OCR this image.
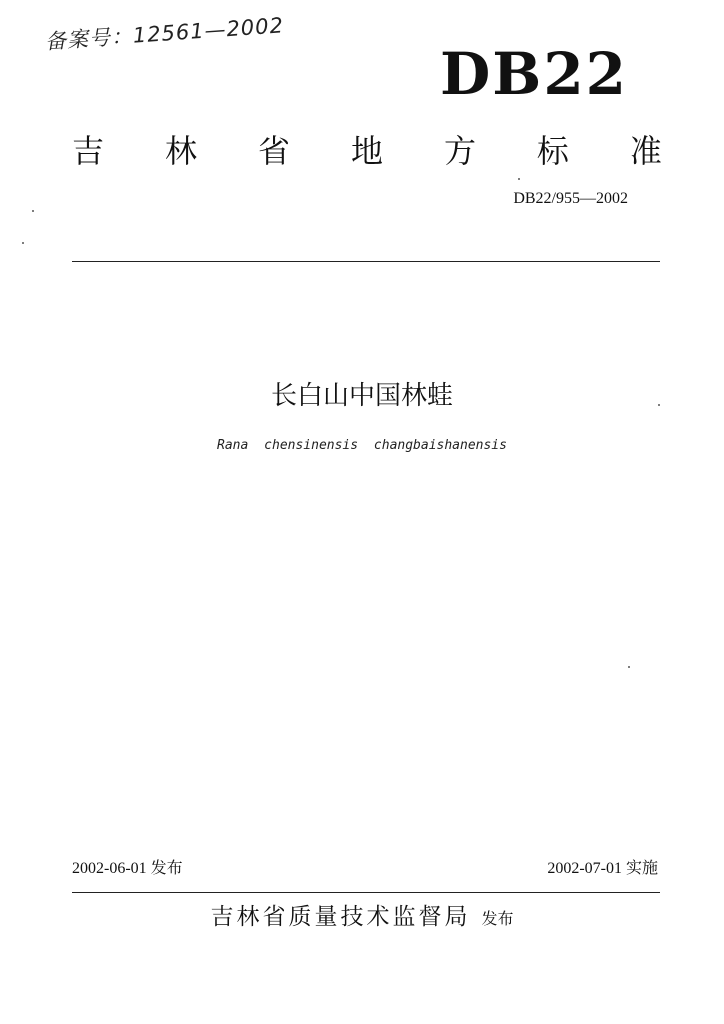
备案号：12561—2002
DB22
吉 林 省 地 方 标 准
DB22/955—2002
长白山中国林蛙
Rana chensinensis changbaishanensis
2002-06-01 发布	2002-07-01 实施
吉林省质量技术监督局 发布
